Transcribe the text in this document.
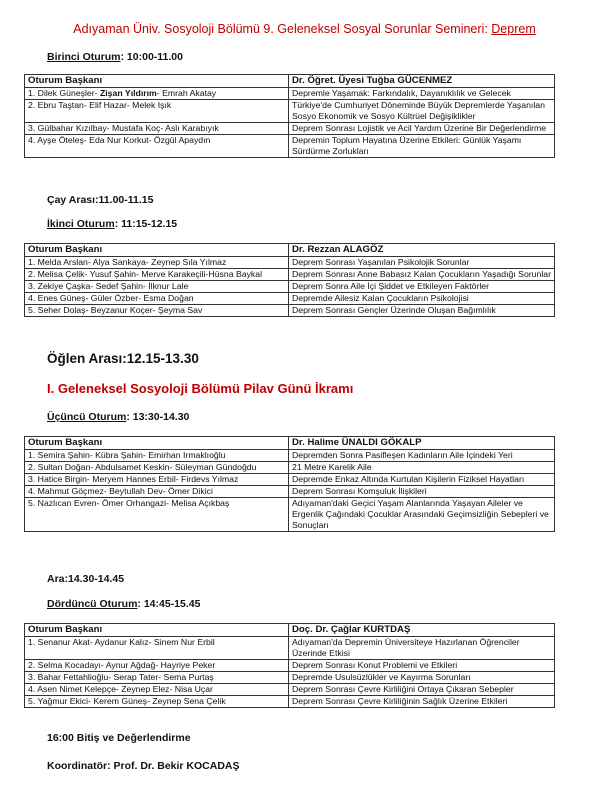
Adıyaman Üniv. Sosyoloji Bölümü 9. Geleneksel Sosyal Sorunlar Semineri: Deprem
Birinci Oturum: 10:00-11.00
Oturum Başkanı	Dr. Öğret. Üyesi Tuğba GÜCENMEZ
1. Dilek Güneşler- Zişan Yıldırım- Emrah Akatay	Depremle Yaşamak: Farkındalık, Dayanıklılık ve Gelecek
2. Ebru Taştan- Elif Hazar- Melek Işık	Türkiye'de Cumhuriyet Döneminde Büyük Depremlerde Yaşanılan Sosyo Ekonomik ve Sosyo Kültrüel Değişiklikler
3. Gülbahar Kızılbay- Mustafa Koç- Aslı Karabıyık	Deprem Sonrası Lojistik ve Acil Yardım Üzerine Bir Değerlendirme
4. Ayşe Öteleş- Eda Nur Korkut- Özgül Apaydın	Depremin Toplum Hayatına Üzerine Etkileri: Günlük Yaşamı Sürdürme Zorlukları
Çay Arası:11.00-11.15
İkinci Oturum: 11:15-12.15
Oturum Başkanı	Dr. Rezzan ALAGÖZ
1. Melda Arslan- Alya Sankaya- Zeynep Sıla Yılmaz	Deprem Sonrası Yaşanılan Psikolojik Sorunlar
2. Melisa Çelik- Yusuf Şahin- Merve Karakeçili-Hüsna Baykal	Deprem Sonrası Anne Babasız Kalan Çocukların Yaşadığı Sorunlar
3. Zekiye Çaşka- Sedef Şahin- İlknur Lale	Deprem Sonra Aile İçi Şiddet ve Etkileyen Faktörler
4. Enes Güneş- Güler Özber- Esma Doğan	Depremde Ailesiz Kalan Çocukların Psikolojisi
5. Seher Dolaş- Beyzanur Koçer- Şeyma Sav	Deprem Sonrası Gençler Üzerinde Oluşan Bağımlılık
Öğlen Arası:12.15-13.30
I. Geleneksel Sosyoloji Bölümü Pilav Günü İkramı
Üçüncü Oturum: 13:30-14.30
Oturum Başkanı	Dr. Halime ÜNALDI GÖKALP
1. Semira Şahin- Kübra Şahin- Emirhan Irmaklıoğlu	Depremden Sonra Pasifleşen Kadınların Aile İçindeki Yeri
2. Sultan Doğan- Abdulsamet Keskin- Süleyman Gündoğdu	21 Metre Karelik Aile
3. Hatice Birgin- Meryem Hannes Erbil- Firdevs Yılmaz	Depremde Enkaz Altında Kurtulan Kişilerin Fiziksel Hayatları
4. Mahmut Göçmez- Beytullah Dev- Ömer Dikici	Deprem Sonrası Komşuluk İlişkileri
5. Nazlıcan Evren- Ömer Orhangazi- Melisa Açıkbaş	Adıyaman'daki Geçici Yaşam Alanlarında Yaşayan Aileler ve Ergenlik Çağındaki Çocuklar Arasındaki Geçimsizliğin Sebepleri ve Sonuçları
Ara:14.30-14.45
Dördüncü Oturum: 14:45-15.45
Oturum Başkanı	Doç. Dr. Çağlar KURTDAŞ
1. Senanur Akat- Aydanur Kalız- Sinem Nur Erbil	Adıyaman'da Depremin Üniversiteye Hazırlanan Öğrenciler Üzerinde Etkisi
2. Selma Kocadayı- Aynur Ağdağ- Hayriye Peker	Deprem Sonrası Konut Problemi ve Etkileri
3. Bahar Fettahlioğlu- Serap Tater- Sema Purtaş	Depremde Usulsüzlükler ve Kayırma Sorunları
4. Asen Nimet Kelepçe- Zeynep Elez- Nisa Uçar	Deprem Sonrası Çevre Kirliliğini Ortaya Çıkaran Sebepler
5. Yağmur Ekici- Kerem Güneş- Zeynep Sena Çelik	Deprem Sonrası Çevre Kirliliğinin Sağlık Üzerine Etkileri
16:00 Bitiş ve Değerlendirme
Koordinatör: Prof. Dr. Bekir KOCADAŞ
